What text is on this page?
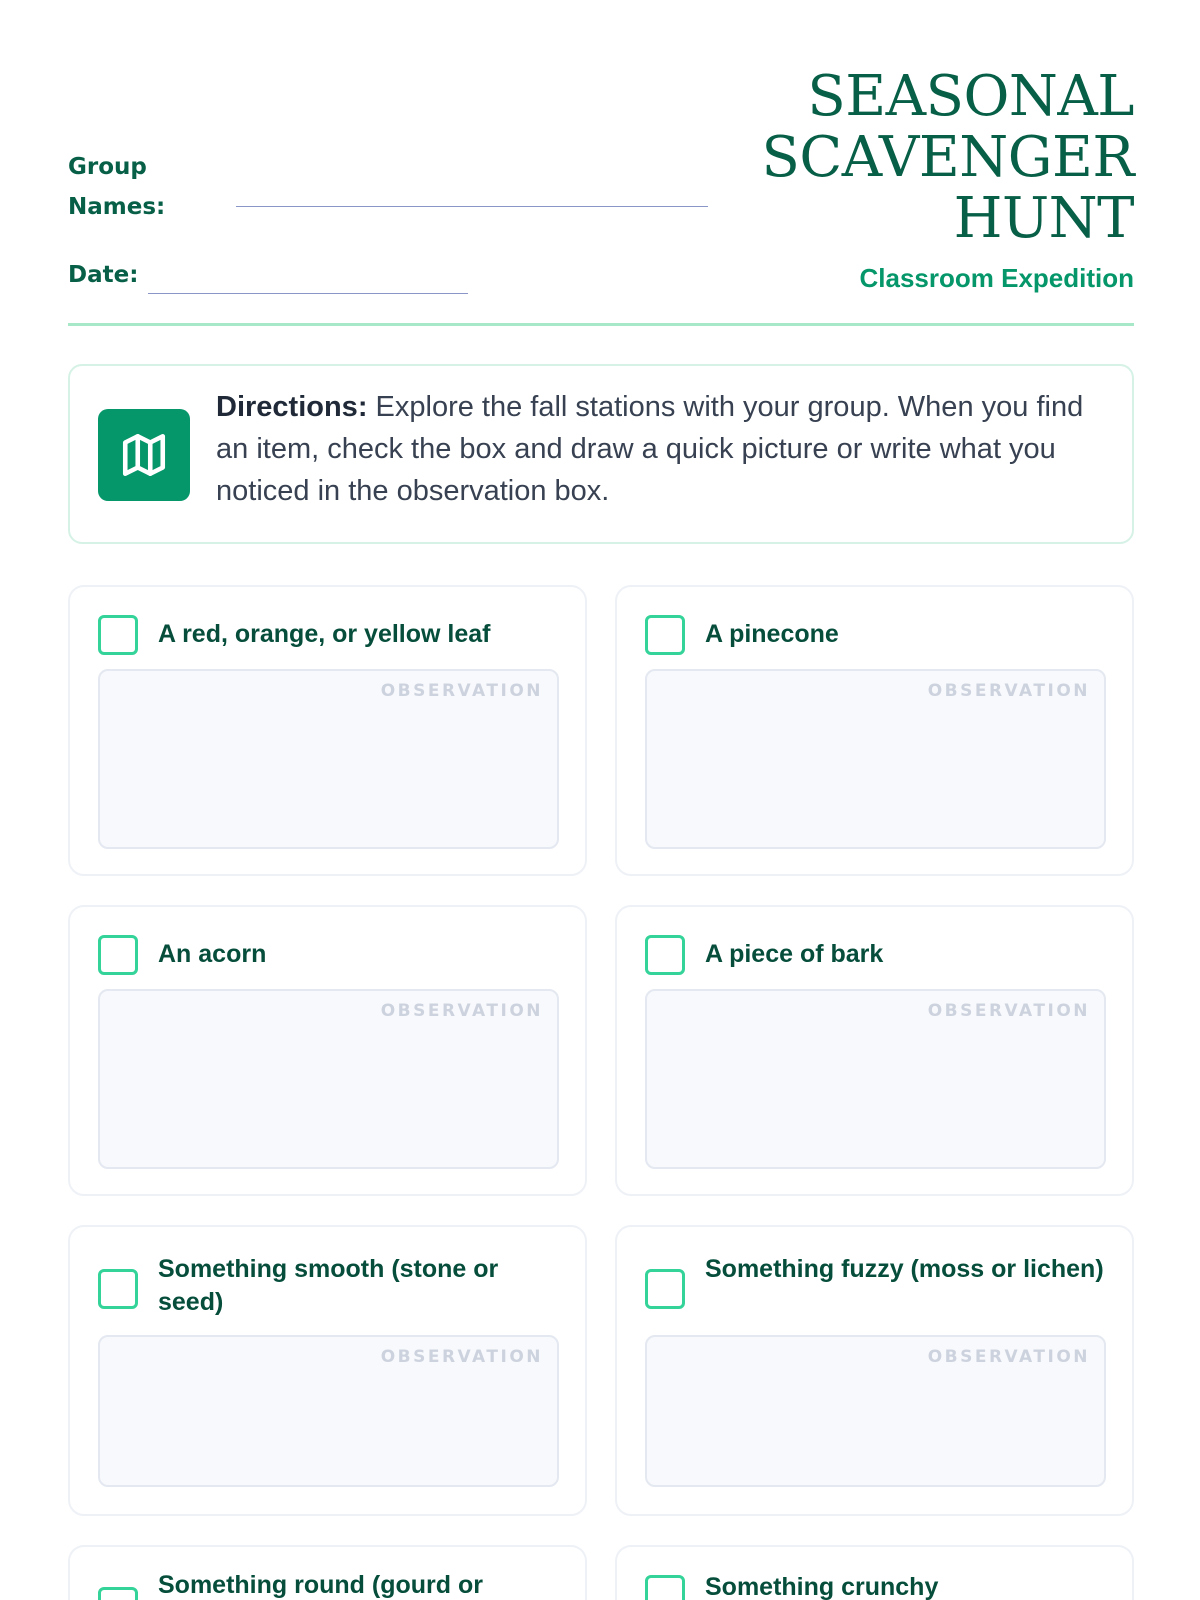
Group
Names:
Date:
SEASONAL
SCAVENGER
HUNT
Classroom Expedition
Directions: Explore the fall stations with your group. When you find an item, check the box and draw a quick picture or write what you noticed in the observation box.
A red, orange, or yellow leaf
OBSERVATION
A pinecone
OBSERVATION
An acorn
OBSERVATION
A piece of bark
OBSERVATION
Something smooth (stone or seed)
OBSERVATION
Something fuzzy (moss or lichen)
OBSERVATION
Something round (gourd or	Something crunchy
